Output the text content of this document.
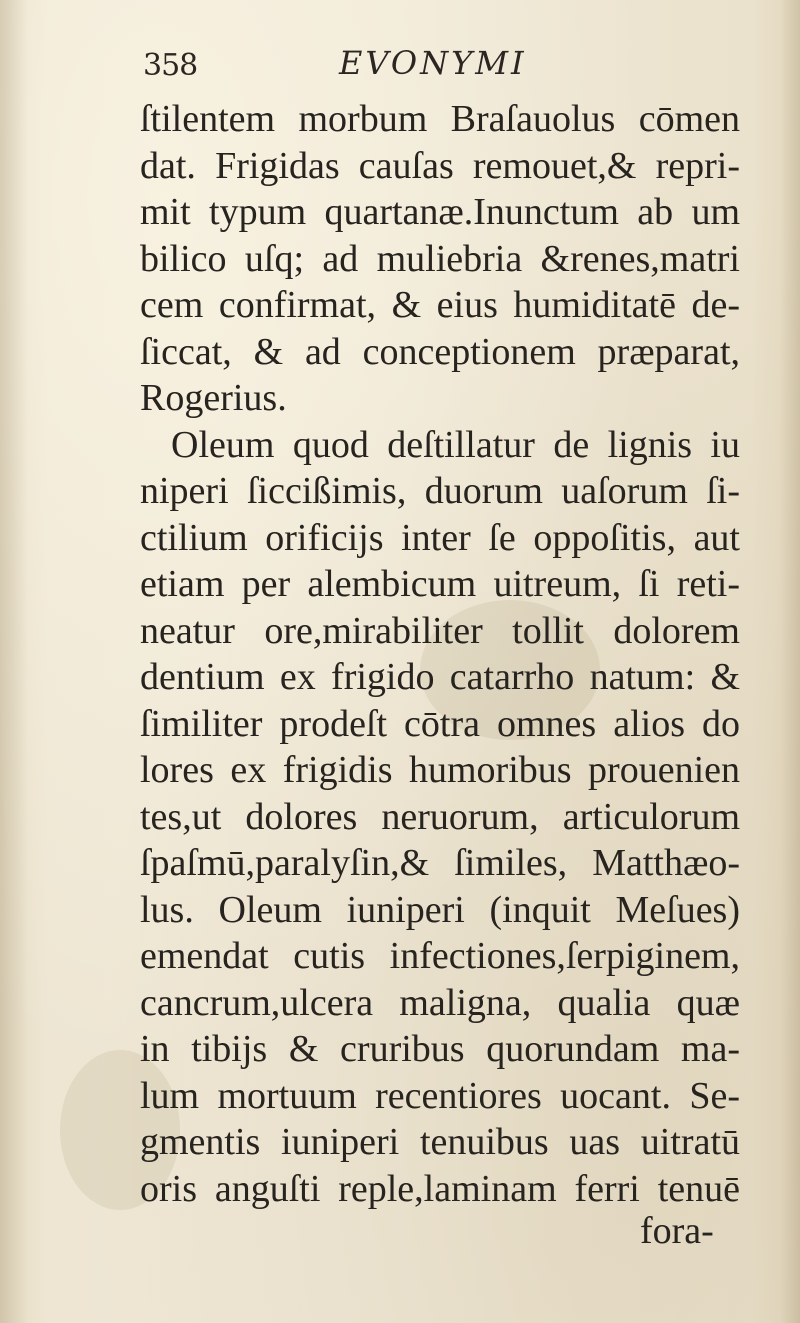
358	EVONYMI
ſtilentem morbum Braſauolus cōmen
dat. Frigidas cauſas remouet,& repri-
mit typum quartanæ.Inunctum ab um
bilico uſq; ad muliebria &renes,matri
cem confirmat, & eius humiditatē de-
ſiccat, & ad conceptionem præparat,
Rogerius.
Oleum quod deſtillatur de lignis iu
niperi ſiccißimis, duorum uaſorum ſi-
ctilium orificijs inter ſe oppoſitis, aut
etiam per alembicum uitreum, ſi reti-
neatur ore,mirabiliter tollit dolorem
dentium ex frigido catarrho natum: &
ſimiliter prodeſt cōtra omnes alios do
lores ex frigidis humoribus prouenien
tes,ut dolores neruorum, articulorum
ſpaſmū,paralyſin,& ſimiles, Matthæo-
lus. Oleum iuniperi (inquit Meſues)
emendat cutis infectiones,ſerpiginem,
cancrum,ulcera maligna, qualia quæ
in tibijs & cruribus quorundam ma-
lum mortuum recentiores uocant. Se-
gmentis iuniperi tenuibus uas uitratū
oris anguſti reple,laminam ferri tenuē
fora-
